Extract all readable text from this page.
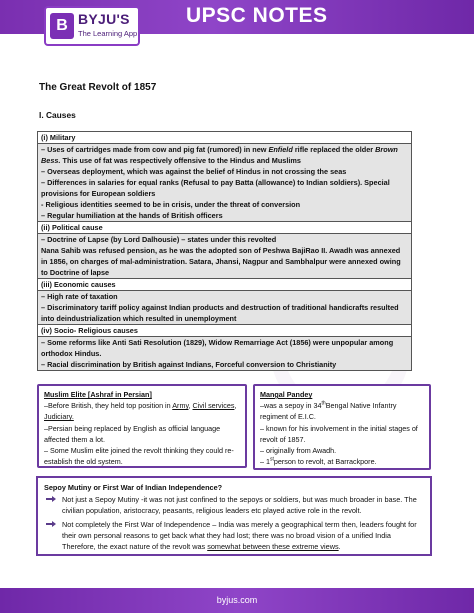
B BYJU'S
The Learning App
UPSC NOTES
The Great Revolt of 1857
I. Causes
(i) Military

– Uses of cartridges made from cow and pig fat (rumored) in new Enfield rifle replaced the older Brown Bess. This use of fat was respectively offensive to the Hindus and Muslims

– Overseas deployment, which was against the belief of Hindus in not crossing the seas

– Differences in salaries for equal ranks (Refusal to pay Batta (allowance) to Indian soldiers). Special provisions for European soldiers

- Religious identities seemed to be in crisis, under the threat of conversion

– Regular humiliation at the hands of British officers

(ii) Political cause

– Doctrine of Lapse (by Lord Dalhousie) – states under this revolted

Nana Sahib was refused pension, as he was the adopted son of Peshwa BajiRao II. Awadh was annexed in 1856, on charges of mal-administration. Satara, Jhansi, Nagpur and Sambhalpur were annexed owing to Doctrine of lapse

(iii) Economic causes

– High rate of taxation

– Discriminatory tariff policy against Indian products and destruction of traditional handicrafts resulted into deindustrialization which resulted in unemployment

(iv) Socio- Religious causes

– Some reforms like Anti Sati Resolution (1829), Widow Remarriage Act (1856) were unpopular among orthodox Hindus.

– Racial discrimination by British against Indians, Forceful conversion to Christianity

Muslim Elite [Ashraf in Persian]

–Before British, they held top position in Army, Civil services, Judiciary.

–Persian being replaced by English as official language affected them a lot.

– Some Muslim elite joined the revolt thinking they could re-establish the old system.

Mangal Pandey

–was a sepoy in 34thBengal Native Infantry regiment of E.I.C.

– known for his involvement in the initial stages of revolt of 1857.

– originally from Awadh.

– 1stperson to revolt, at Barrackpore.

Sepoy Mutiny or First War of Indian Independence?
Not just a Sepoy Mutiny -it was not just confined to the sepoys or soldiers, but was much broader in base. The civilian population, aristocracy, peasants, religious leaders etc played active role in the revolt.
Not completely the First War of Independence – India was merely a geographical term then, leaders fought for their own personal reasons to get back what they had lost; there was no broad vision of a unified India Therefore, the exact nature of the revolt was somewhat between these extreme views.
byjus.com
